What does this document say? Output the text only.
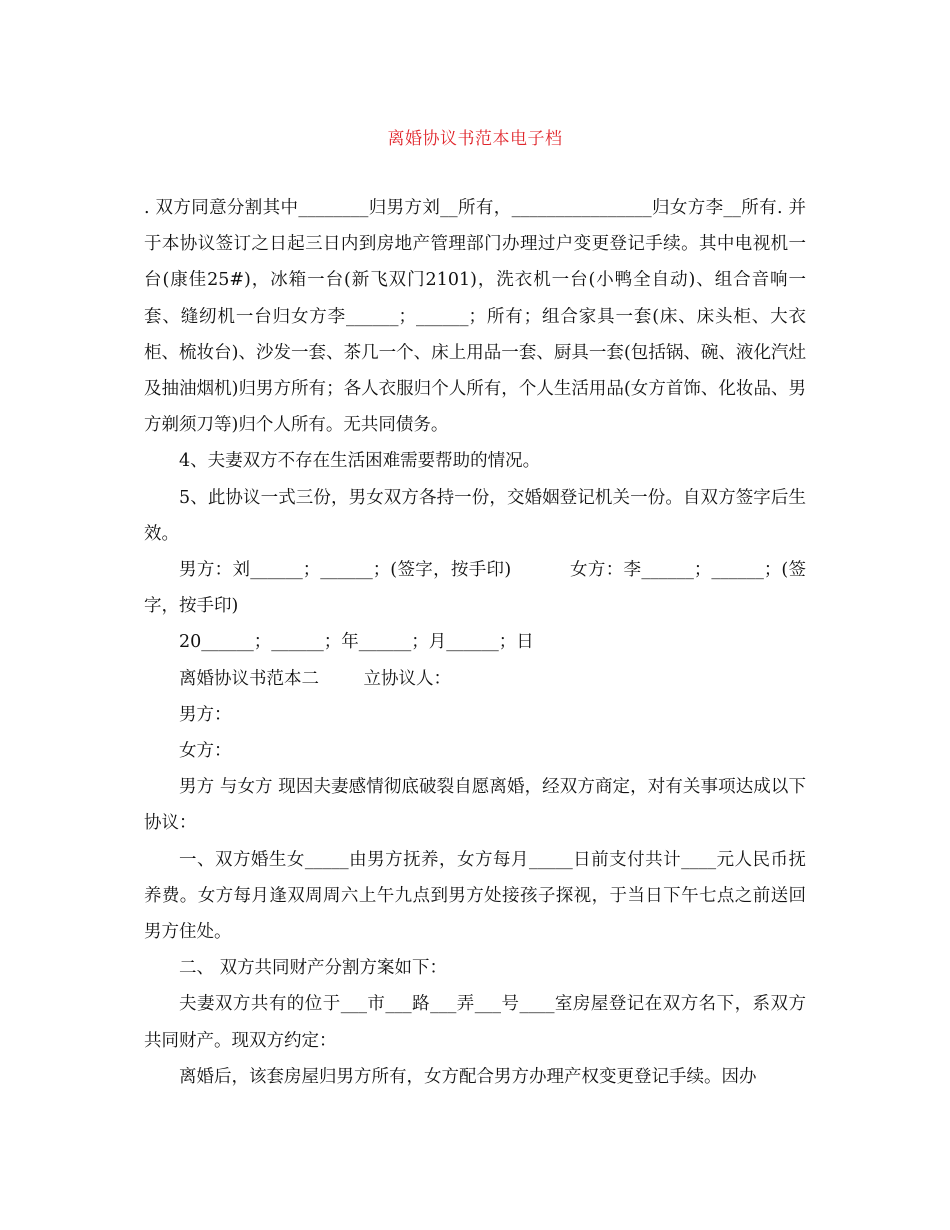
离婚协议书范本电子档

. 双方同意分割其中________归男方刘__所有，________________归女方李__所有. 并于本协议签订之日起三日内到房地产管理部门办理过户变更登记手续。其中电视机一台(康佳25#)，冰箱一台(新飞双门2101)，洗衣机一台(小鸭全自动)、组合音响一套、缝纫机一台归女方李______；______；所有；组合家具一套(床、床头柜、大衣柜、梳妆台)、沙发一套、茶几一个、床上用品一套、厨具一套(包括锅、碗、液化汽灶及抽油烟机)归男方所有；各人衣服归个人所有，个人生活用品(女方首饰、化妆品、男方剃须刀等)归个人所有。无共同债务。

4、夫妻双方不存在生活困难需要帮助的情况。

5、此协议一式三份，男女双方各持一份，交婚姻登记机关一份。自双方签字后生效。

男方：刘______；______；(签字，按手印)          女方：李______；______；(签字，按手印)

20______；______；年______；月______；日

离婚协议书范本二        立协议人：

男方：

女方：

男方 与女方 现因夫妻感情彻底破裂自愿离婚，经双方商定，对有关事项达成以下协议：

一、双方婚生女_____由男方抚养，女方每月_____日前支付共计____元人民币抚养费。女方每月逢双周周六上午九点到男方处接孩子探视，于当日下午七点之前送回男方住处。

二、 双方共同财产分割方案如下：

夫妻双方共有的位于___市___路___弄___号____室房屋登记在双方名下，系双方共同财产。现双方约定：

离婚后，该套房屋归男方所有，女方配合男方办理产权变更登记手续。因办
